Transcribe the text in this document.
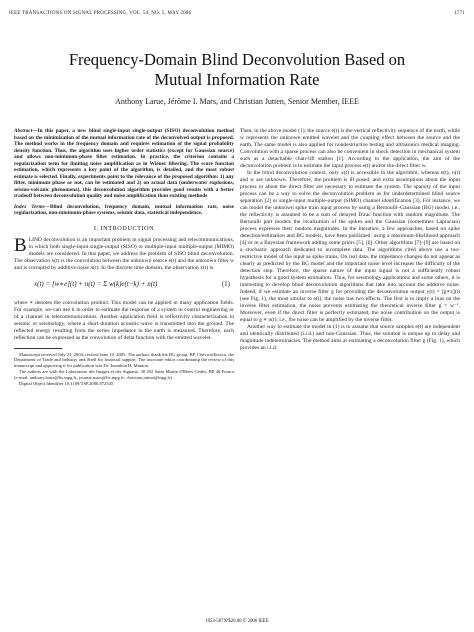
IEEE TRANSACTIONS ON SIGNAL PROCESSING, VOL. 54, NO. 5, MAY 2006	1771
Frequency-Domain Blind Deconvolution Based on
Mutual Information Rate
Anthony Larue, Jérôme I. Mars, and Christian Jutten, Senior Member, IEEE

Abstract—In this paper, a new blind single-input single-output (SISO) deconvolution method based on the minimization of the mutual information rate of the deconvolved output is proposed. The method works in the frequency domain and requires estimation of the signal probability density function. Thus, the algorithm uses higher order statistics (except for Gaussian source) and allows non-minimum-phase filter estimation. In practice, the criterion contains a regularization term for limiting noise amplification as in Wiener filtering. The score function estimation, which represents a key point of the algorithm, is detailed, and the most robust estimate is selected. Finally, experiments point to the relevance of the proposed algorithm: 1) any filter, minimum phase or not, can be estimated and 2) on actual data (underwater explosions, seismo-volcanic phenomena), this deconvolution algorithm provides good results with a better tradeoff between deconvolution quality and noise amplification than existing methods

Index Terms—Blind deconvolution, frequency domain, mutual information rate, noise regularization, non-minimum-phase systems, seismic data, statistical independence.

I. INTRODUCTION

BLIND deconvolution is an important problem in signal processing and telecommunications, in which both single-input single-output (SISO) or multiple-input multiple-output (MIMO) models are considered. In this paper, we address the problem of SISO blind deconvolution. The observation x(t) is the convolution between the unknown source e(t) and the unknown filter w and is corrupted by additive noise n(t). In the discrete time domain, the observation x(t) is

x(t) = [w∗e](t) + n(t) = Σ w(k)e(t−k) + n(t)	(1)

where ∗ denotes the convolution product. This model can be applied in many application fields. For example, we can use it in order to estimate the response of a system in control engineering or of a channel in telecommunications. Another application field is reflectivity characterization in seismic or seismology, where a short duration acoustic wave is transmitted into the ground. The reflected energy resulting from the series impedance in the earth is measured. Therefore, each reflection can be expressed as the convolution of delta function with the emitted wavelet.

Manuscript received July 23, 2004; revised June 10, 2005. The authors thank the BG group, BP, ChevronTexaco, the Department of Trade and Industry and Shell for financial support. The associate editor coordinating the review of this manuscript and approving it for publication was Dr. Jonathon H. Manton.

The authors are with the Laboratoire des Images et des Signaux, 38 402 Saint Martin d'Hères Cedex, BP 46 France (e-mail: anthony.larue@lis.inpg.fr; jerome.mars@lis.inpg.fr; christian.jutten@inpg.fr).

Digital Object Identifier 10.1109/TSP.2006.872545

Then, in the above model (1), the source e(t) is the vertical reflectivity sequence of the earth, while w represents the unknown emitted wavelet and the coupling effect between the source and the earth. The same model is also applied for nondestructive testing and ultrasonics medical imaging. Convolution with a sparse process can also be convenient in shock detection in mechanical system such as a detachable chair-lift station [1]. According to the application, the aim of the deconvolution problem is to estimate the input process e(t) and/or the direct filter w.

In the blind deconvolution context, only x(t) is accessible to the algorithm, whereas e(t), n(t) and w are unknown. Therefore, the problem is ill posed, and extra assumptions about the input process or about the direct filter are necessary to estimate the system. The sparsity of the input process can be a way to solve the deconvolution problem as for underdetermined blind source separation [2] or single-input multiple-output (SIMO) channel identification [3]. For instance, we can model the unknown spike train input process by using a Bernoulli–Gaussian (BG) model, i.e., the reflectivity is assumed to be a sum of delayed Dirac function with random magnitude. The Bernoulli part models the localization of the spikes and the Gaussian (sometimes Laplacian) process expresses their random magnitudes. In the literature, a few approaches, based on spike detection/estimation and BG models, have been published: using a maximum-likelihood approach [4] or in a Bayesian framework adding some priors [5], [6]. Other algorithms [7]–[9] are based on a stochastic approach dedicated to incomplete data. The algorithms cited above use a too-restrictive model of the input as spike trains. On real data, the impedance changes do not appear as clearly as predicted by the BG model and the important noise level increases the difficulty of the detection step. Therefore, the sparse nature of the input signal is not a sufficiently robust hypothesis for a good system estimation. Thus, for seismology applications and some others, it is interesting to develop blind deconvolution algorithms that take into account the additive noise. Indeed, if we estimate an inverse filter g for providing the deconvolution output y(t) = [g∗x](t) (see Fig. 1), the most similar to e(t), the noise has two effects. The first is to imply a bias on the inverse filter estimation, the noise prevents estimating the theoretical inverse filter g = w⁻¹. Moreover, even if the direct filter is perfectly estimated, the noise contribution on the output is equal to g ∗ n(t), i.e., the noise can be amplified by the inverse filter.

Another way to estimate the model in (1) is to assume that source samples e(t) are independent and identically distributed (i.i.d.) and non-Gaussian. Thus, the solution is unique up to delay and magnitude indeterminacies. The method aims at estimating a deconvolution filter g (Fig. 1), which provides an i.i.d.

1053-587X/$20.00 © 2006 IEEE
